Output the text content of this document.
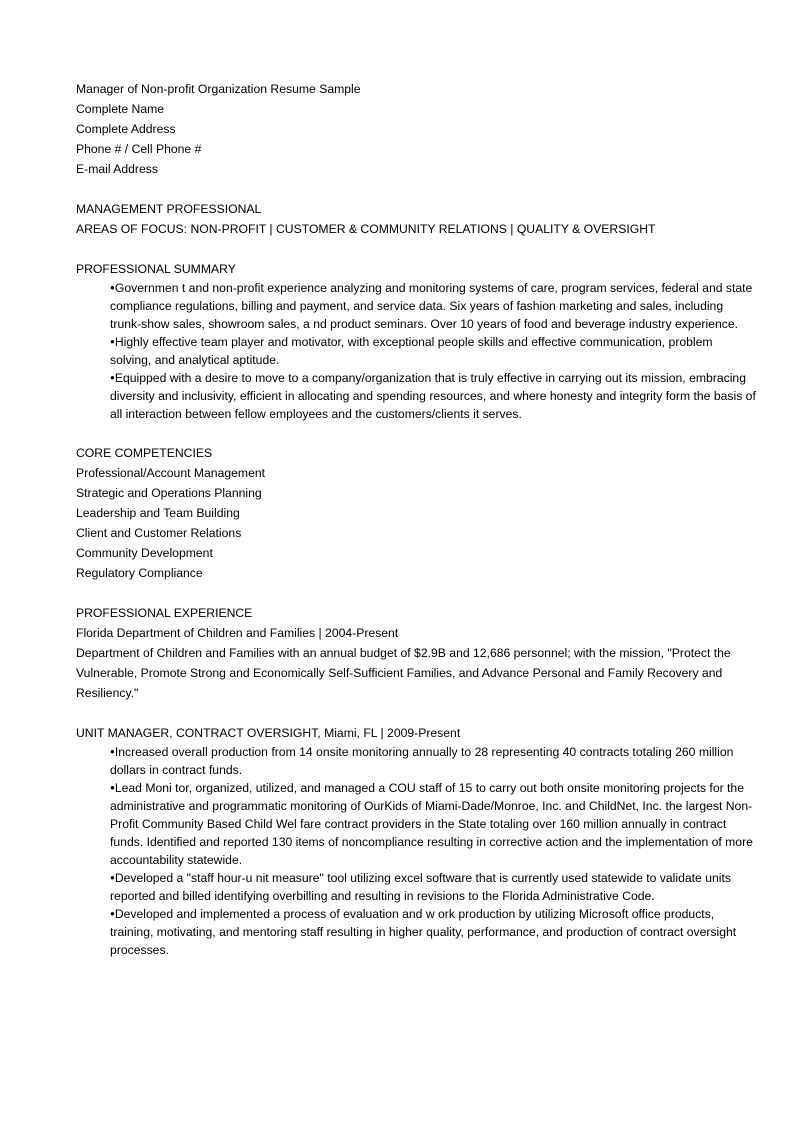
Manager of Non-profit Organization Resume Sample

Complete Name

Complete Address

Phone # / Cell Phone #

E-mail Address

MANAGEMENT PROFESSIONAL

AREAS OF FOCUS: NON-PROFIT | CUSTOMER & COMMUNITY RELATIONS | QUALITY & OVERSIGHT

PROFESSIONAL SUMMARY

●Governmen t and non-profit experience analyzing and monitoring systems of care, program services, federal and state compliance regulations, billing and payment, and service data. Six years of fashion marketing and sales, including trunk-show sales, showroom sales, a nd product seminars. Over 10 years of food and beverage industry experience.
●Highly effective team player and motivator, with exceptional people skills and effective communication, problem solving, and analytical aptitude.
●Equipped with a desire to move to a company/organization that is truly effective in carrying out its mission, embracing diversity and inclusivity, efficient in allocating and spending resources, and where honesty and integrity form the basis of all interaction between fellow employees and the customers/clients it serves.

CORE COMPETENCIES

Professional/Account Management

Strategic and Operations Planning

Leadership and Team Building

Client and Customer Relations

Community Development

Regulatory Compliance

PROFESSIONAL EXPERIENCE

Florida Department of Children and Families | 2004-Present

Department of Children and Families with an annual budget of $2.9B and 12,686 personnel; with the mission, "Protect the Vulnerable, Promote Strong and Economically Self-Sufficient Families, and Advance Personal and Family Recovery and Resiliency."

UNIT MANAGER, CONTRACT OVERSIGHT, Miami, FL | 2009-Present

●Increased overall production from 14 onsite monitoring annually to 28 representing 40 contracts totaling 260 million dollars in contract funds.
●Lead Moni tor, organized, utilized, and managed a COU staff of 15 to carry out both onsite monitoring projects for the administrative and programmatic monitoring of OurKids of Miami-Dade/Monroe, Inc. and ChildNet, Inc. the largest Non-Profit Community Based Child Wel fare contract providers in the State totaling over 160 million annually in contract funds. Identified and reported 130 items of noncompliance resulting in corrective action and the implementation of more accountability statewide.
●Developed a "staff hour-u nit measure" tool utilizing excel software that is currently used statewide to validate units reported and billed identifying overbilling and resulting in revisions to the Florida Administrative Code.
●Developed and implemented a process of evaluation and w ork production by utilizing Microsoft office products, training, motivating, and mentoring staff resulting in higher quality, performance, and production of contract oversight processes.
